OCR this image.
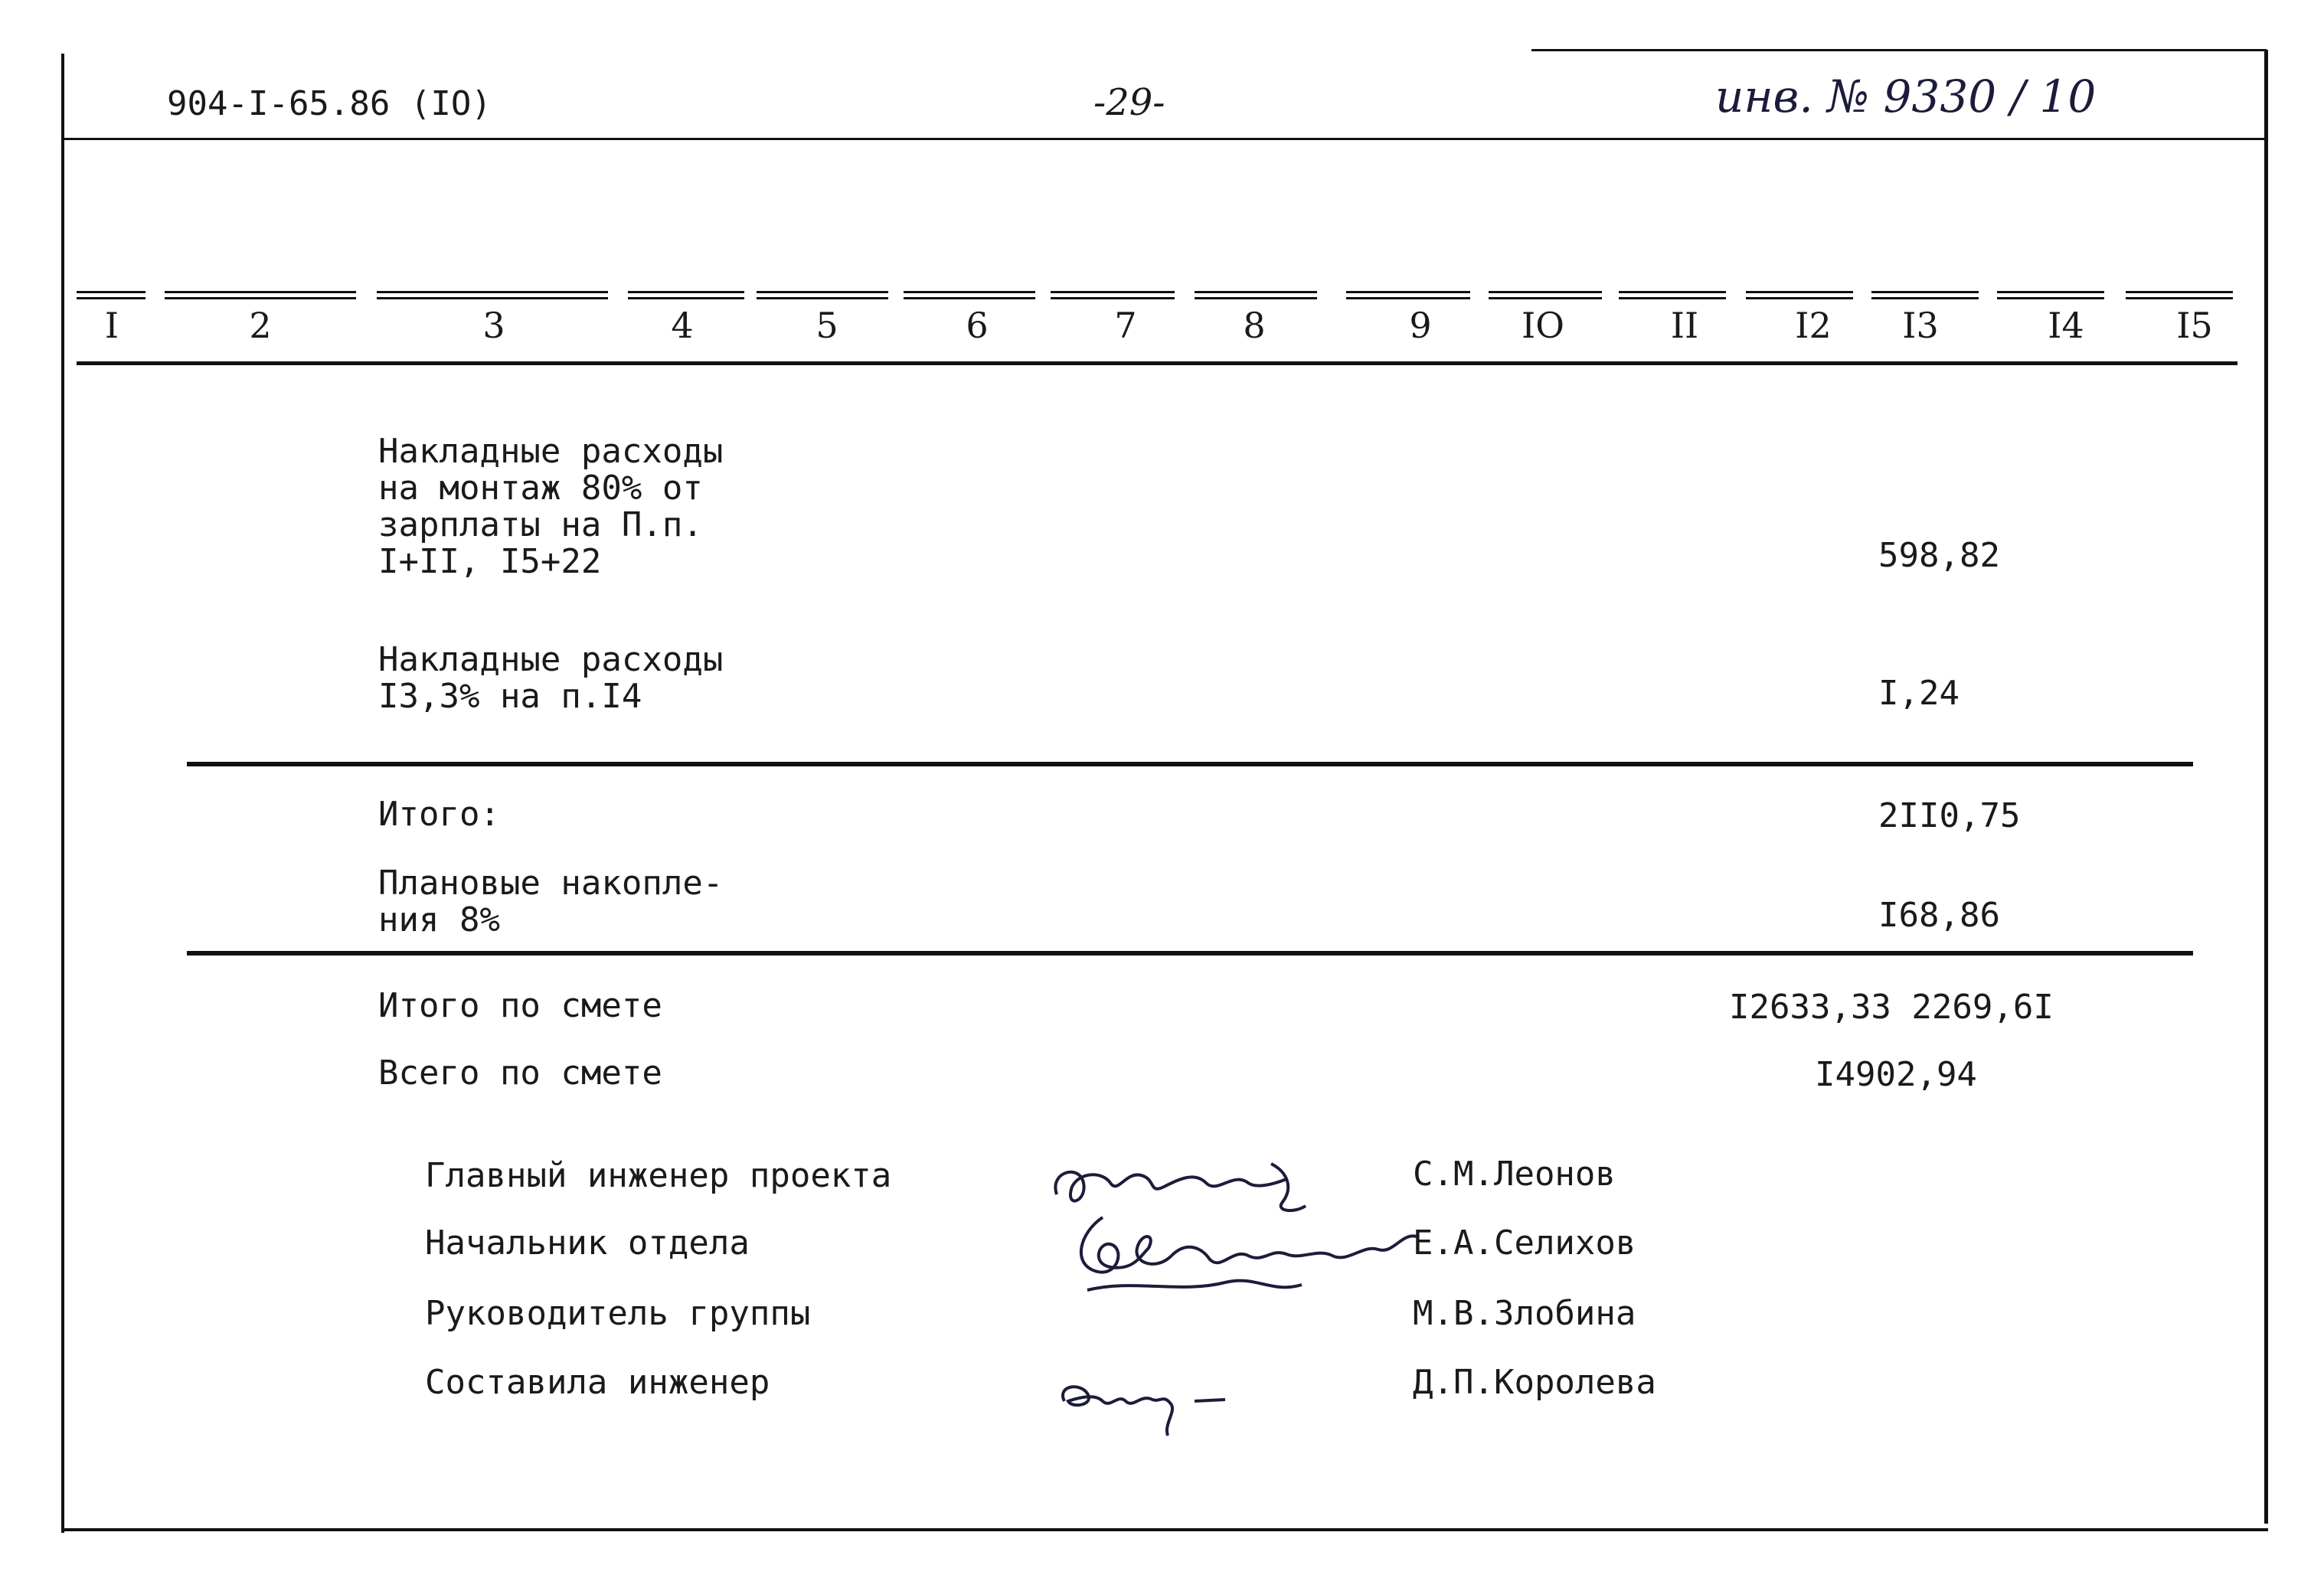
904-I-65.86 (IO)	-29-	инв. № 9330 / 10
I	2	3	4	5	6	7	8	9	IO	II	I2 I3	I4	I5
Накладные расходы
на монтаж 80% от
зарплаты на П.п.
I+II, I5+22	598,82
Накладные расходы
I3,3% на п.I4	I,24
Итого:	2II0,75
Плановые накопле-
ния 8%	I68,86
Итого по смете	I2633,33 2269,6I
Всего по смете	I4902,94
Главный инженер проекта	С.М.Леонов
Начальник отдела	Е.А.Селихов
Руководитель группы	М.В.Злобина
Составила инженер	Д.П.Королева
